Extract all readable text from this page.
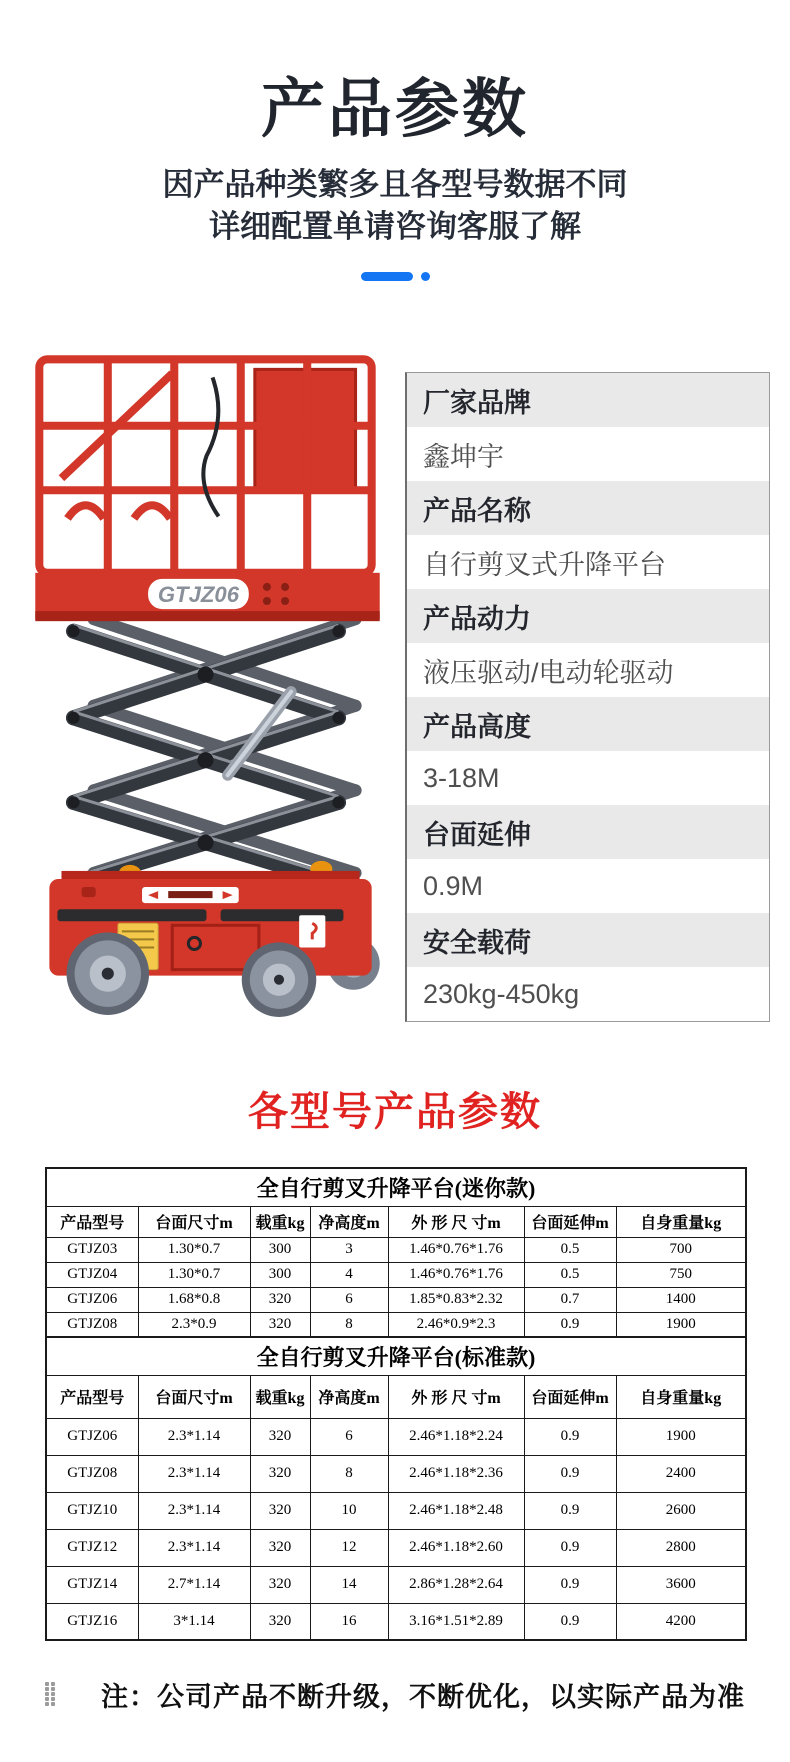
产品参数
因产品种类繁多且各型号数据不同
详细配置单请咨询客服了解
GTJZ06
厂家品牌
鑫坤宇
产品名称
自行剪叉式升降平台
产品动力
液压驱动/电动轮驱动
产品高度
3-18M
台面延伸
0.9M
安全载荷
230kg-450kg
各型号产品参数
全自行剪叉升降平台(迷你款)						
产品型号	台面尺寸m	载重kg	净高度m	外 形 尺 寸m	台面延伸m	自身重量kg
GTJZ03	1.30*0.7	300	3	1.46*0.76*1.76	0.5	700
GTJZ04	1.30*0.7	300	4	1.46*0.76*1.76	0.5	750
GTJZ06	1.68*0.8	320	6	1.85*0.83*2.32	0.7	1400
GTJZ08	2.3*0.9	320	8	2.46*0.9*2.3	0.9	1900
全自行剪叉升降平台(标准款)						
产品型号	台面尺寸m	载重kg	净高度m	外 形 尺 寸m	台面延伸m	自身重量kg
GTJZ06	2.3*1.14	320	6	2.46*1.18*2.24	0.9	1900
GTJZ08	2.3*1.14	320	8	2.46*1.18*2.36	0.9	2400
GTJZ10	2.3*1.14	320	10	2.46*1.18*2.48	0.9	2600
GTJZ12	2.3*1.14	320	12	2.46*1.18*2.60	0.9	2800
GTJZ14	2.7*1.14	320	14	2.86*1.28*2.64	0.9	3600
GTJZ16	3*1.14	320	16	3.16*1.51*2.89	0.9	4200
注：公司产品不断升级，不断优化，以实际产品为准
